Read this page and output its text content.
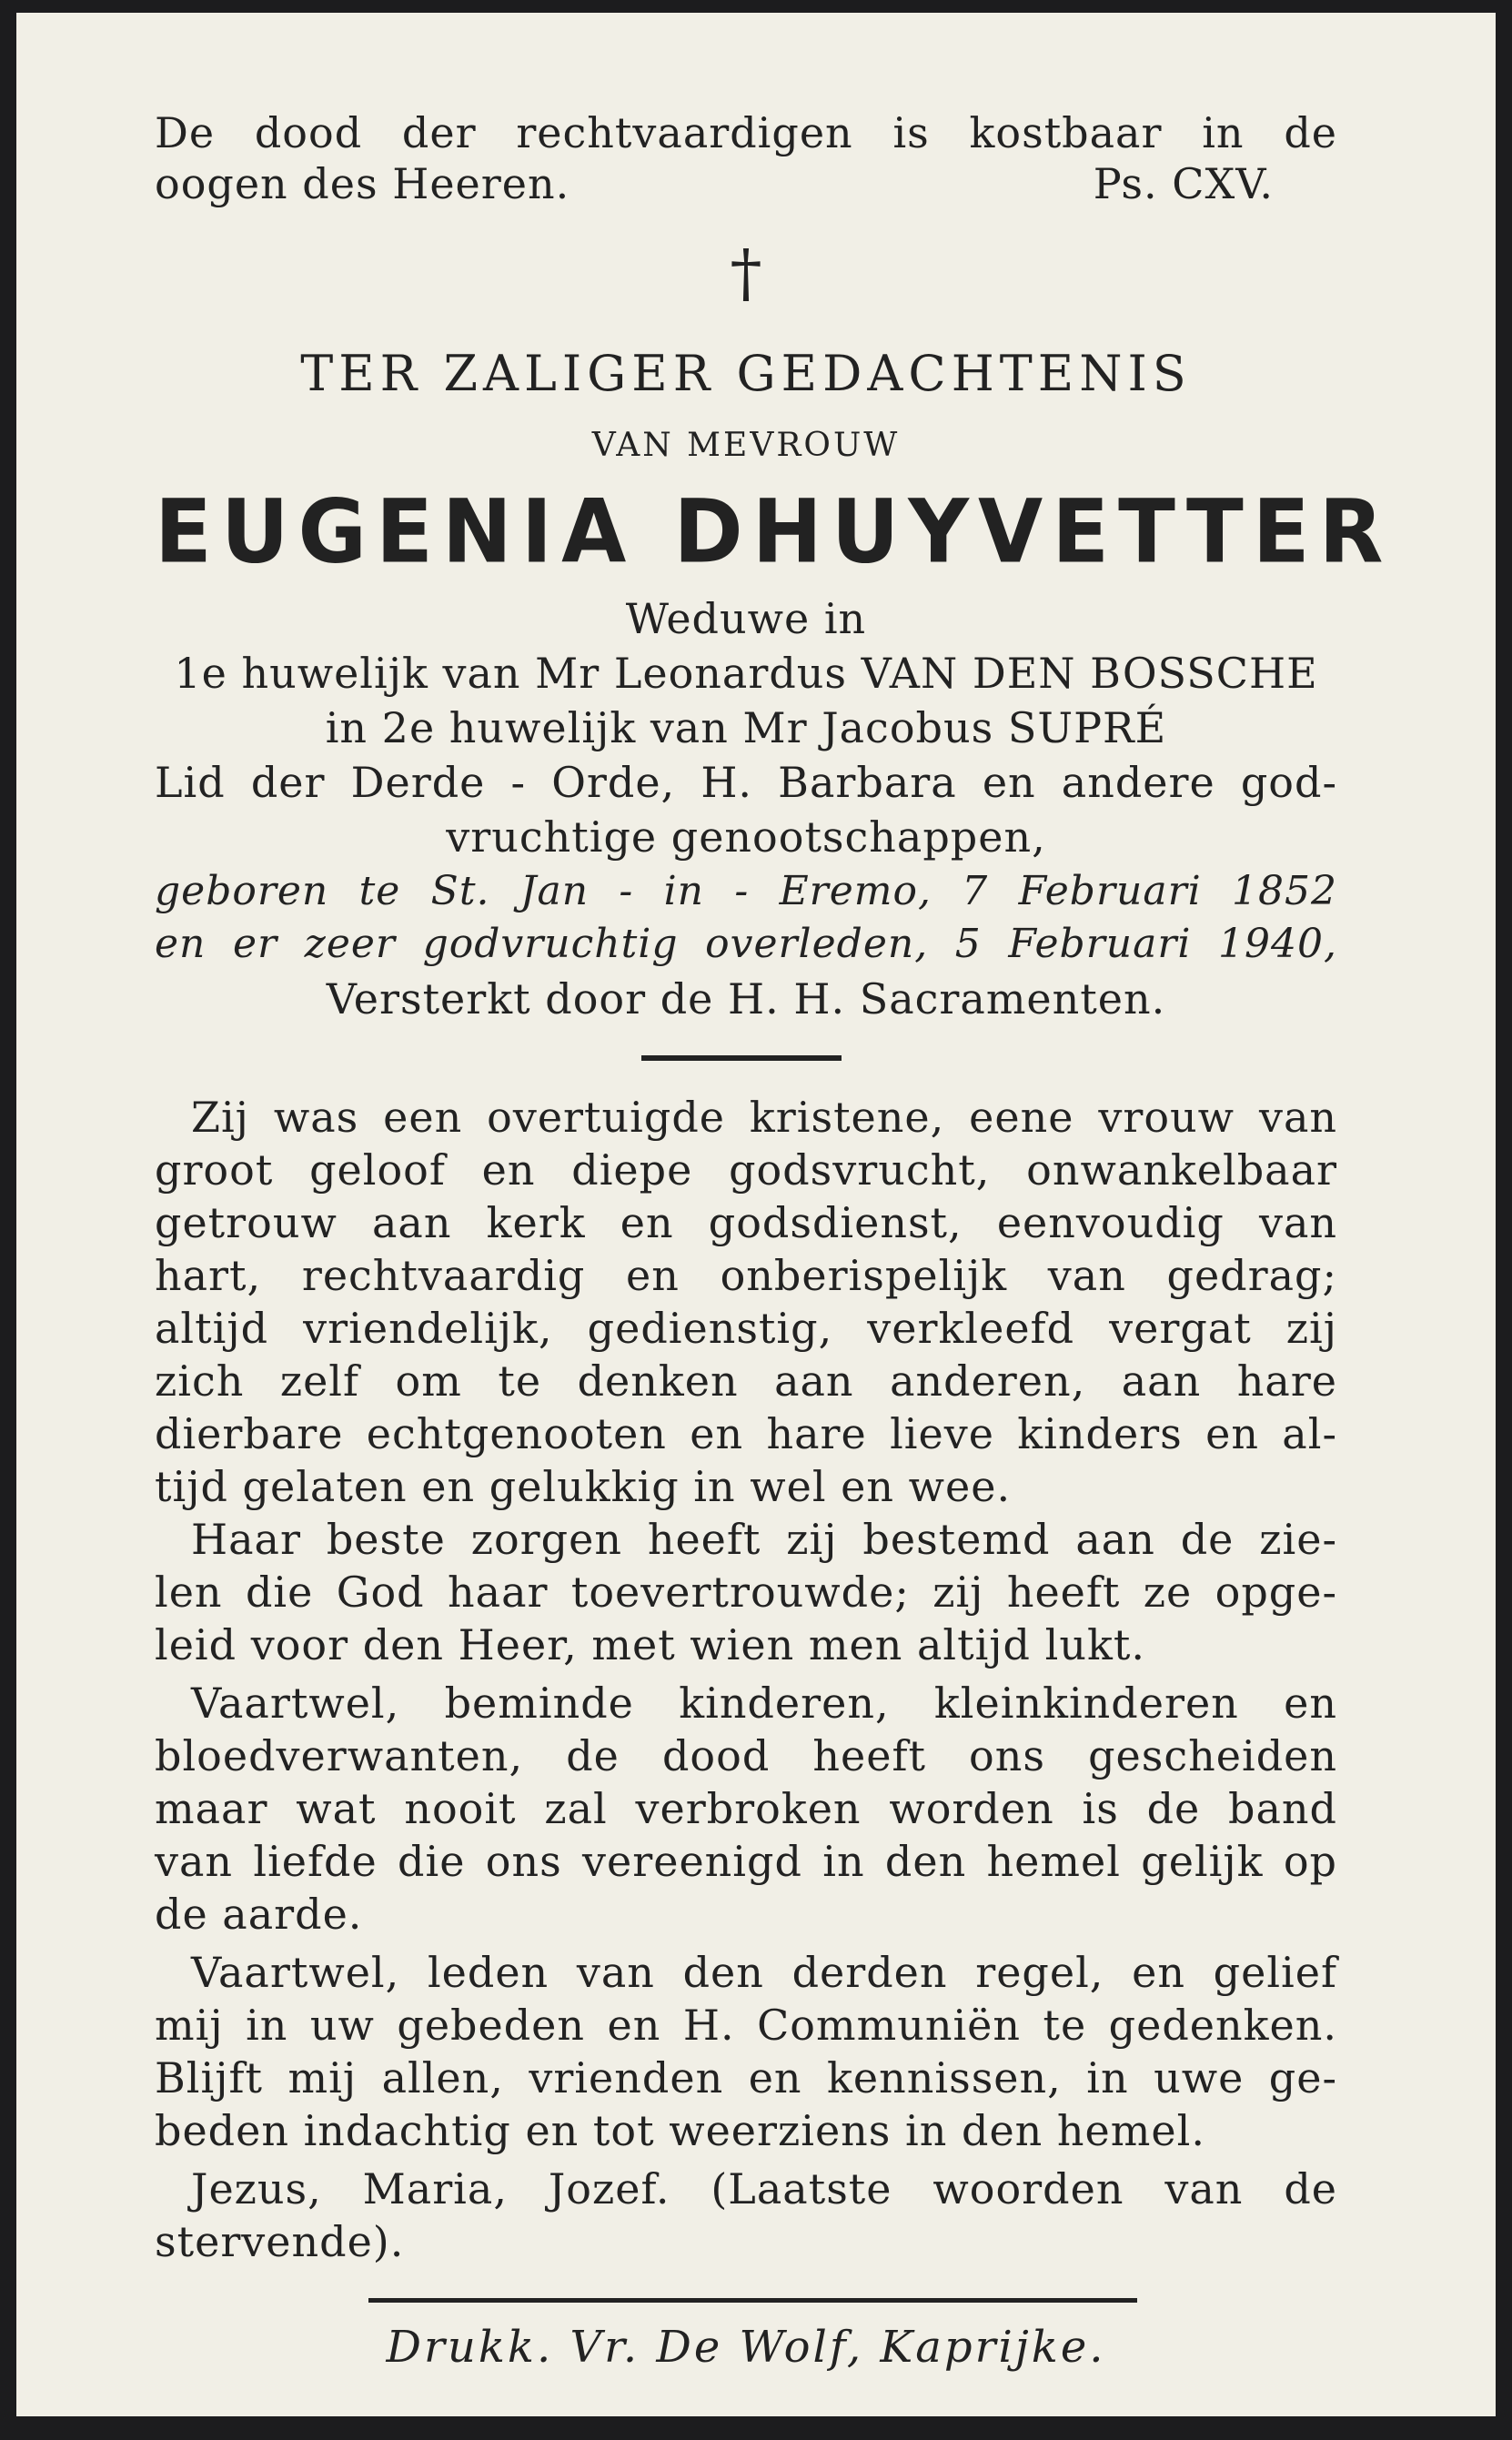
De dood der rechtvaardigen is kostbaar in de
oogen des Heeren.	Ps. CXV.
†
TER ZALIGER GEDACHTENIS
VAN MEVROUW
EUGENIA DHUYVETTER
Weduwe in
1e huwelijk van Mr Leonardus VAN DEN BOSSCHE
in 2e huwelijk van Mr Jacobus SUPRÉ
Lid der Derde - Orde, H. Barbara en andere god-
vruchtige genootschappen,
geboren te St. Jan - in - Eremo, 7 Februari 1852
en er zeer godvruchtig overleden, 5 Februari 1940,
Versterkt door de H. H. Sacramenten.
Zij was een overtuigde kristene, eene vrouw van
groot geloof en diepe godsvrucht, onwankelbaar
getrouw aan kerk en godsdienst, eenvoudig van
hart, rechtvaardig en onberispelijk van gedrag;
altijd vriendelijk, gedienstig, verkleefd vergat zij
zich zelf om te denken aan anderen, aan hare
dierbare echtgenooten en hare lieve kinders en al-
tijd gelaten en gelukkig in wel en wee.
Haar beste zorgen heeft zij bestemd aan de zie-
len die God haar toevertrouwde; zij heeft ze opge-
leid voor den Heer, met wien men altijd lukt.
Vaartwel, beminde kinderen, kleinkinderen en
bloedverwanten, de dood heeft ons gescheiden
maar wat nooit zal verbroken worden is de band
van liefde die ons vereenigd in den hemel gelijk op
de aarde.
Vaartwel, leden van den derden regel, en gelief
mij in uw gebeden en H. Communiën te gedenken.
Blijft mij allen, vrienden en kennissen, in uwe ge-
beden indachtig en tot weerziens in den hemel.
Jezus, Maria, Jozef. (Laatste woorden van de
stervende).
Drukk. Vr. De Wolf, Kaprijke.
